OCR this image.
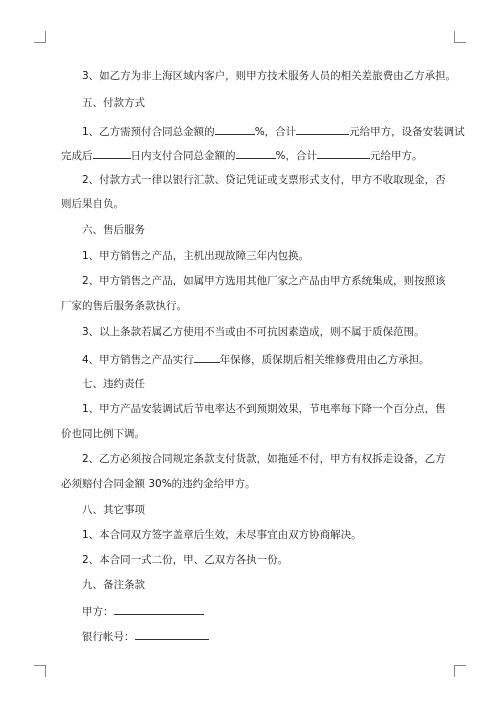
3、如乙方为非上海区域内客户，则甲方技术服务人员的相关差旅费由乙方承担。
五、付款方式
1、乙方需预付合同总金额的	%，合计	元给甲方，设备安装调试
完成后	日内支付合同总金额的	%，合计	元给甲方。
2、付款方式一律以银行汇款、贷记凭证或支票形式支付，甲方不收取现金，否
则后果自负。
六、售后服务
1、甲方销售之产品，主机出现故障三年内包换。
2、甲方销售之产品，如属甲方选用其他厂家之产品由甲方系统集成，则按照该
厂家的售后服务条款执行。
3、以上条款若属乙方使用不当或由不可抗因素造成，则不属于质保范围。
4、甲方销售之产品实行 年保修，质保期后相关维修费用由乙方承担。
七、违约责任
1、甲方产品安装调试后节电率达不到预期效果，节电率每下降一个百分点，售
价也同比例下调。
2、乙方必须按合同规定条款支付货款，如拖延不付，甲方有权拆走设备，乙方
必须赔付合同金额 30%的违约金给甲方。
八、其它事项
1、本合同双方签字盖章后生效，未尽事宜由双方协商解决。
2、本合同一式二份，甲、乙双方各执一份。
九、备注条款
甲方：
银行帐号：
